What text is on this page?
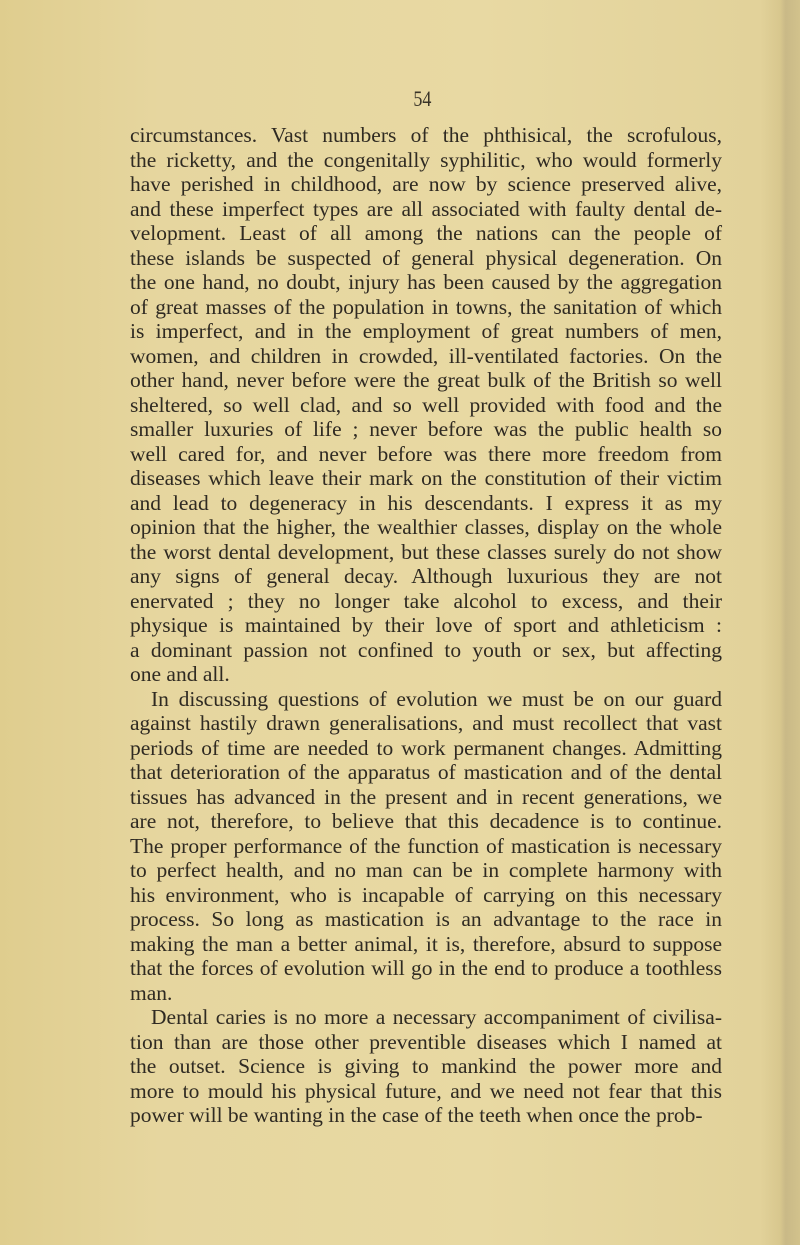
54
circumstances. Vast numbers of the phthisical, the scrofulous,
the ricketty, and the congenitally syphilitic, who would formerly
have perished in childhood, are now by science preserved alive,
and these imperfect types are all associated with faulty dental de-
velopment. Least of all among the nations can the people of
these islands be suspected of general physical degeneration. On
the one hand, no doubt, injury has been caused by the aggregation
of great masses of the population in towns, the sanitation of which
is imperfect, and in the employment of great numbers of men,
women, and children in crowded, ill-ventilated factories. On the
other hand, never before were the great bulk of the British so well
sheltered, so well clad, and so well provided with food and the
smaller luxuries of life ; never before was the public health so
well cared for, and never before was there more freedom from
diseases which leave their mark on the constitution of their victim
and lead to degeneracy in his descendants. I express it as my
opinion that the higher, the wealthier classes, display on the whole
the worst dental development, but these classes surely do not show
any signs of general decay. Although luxurious they are not
enervated ; they no longer take alcohol to excess, and their
physique is maintained by their love of sport and athleticism :
a dominant passion not confined to youth or sex, but affecting
one and all.
In discussing questions of evolution we must be on our guard
against hastily drawn generalisations, and must recollect that vast
periods of time are needed to work permanent changes. Admitting
that deterioration of the apparatus of mastication and of the dental
tissues has advanced in the present and in recent generations, we
are not, therefore, to believe that this decadence is to continue.
The proper performance of the function of mastication is necessary
to perfect health, and no man can be in complete harmony with
his environment, who is incapable of carrying on this necessary
process. So long as mastication is an advantage to the race in
making the man a better animal, it is, therefore, absurd to suppose
that the forces of evolution will go in the end to produce a toothless
man.
Dental caries is no more a necessary accompaniment of civilisa-
tion than are those other preventible diseases which I named at
the outset. Science is giving to mankind the power more and
more to mould his physical future, and we need not fear that this
power will be wanting in the case of the teeth when once the prob-
